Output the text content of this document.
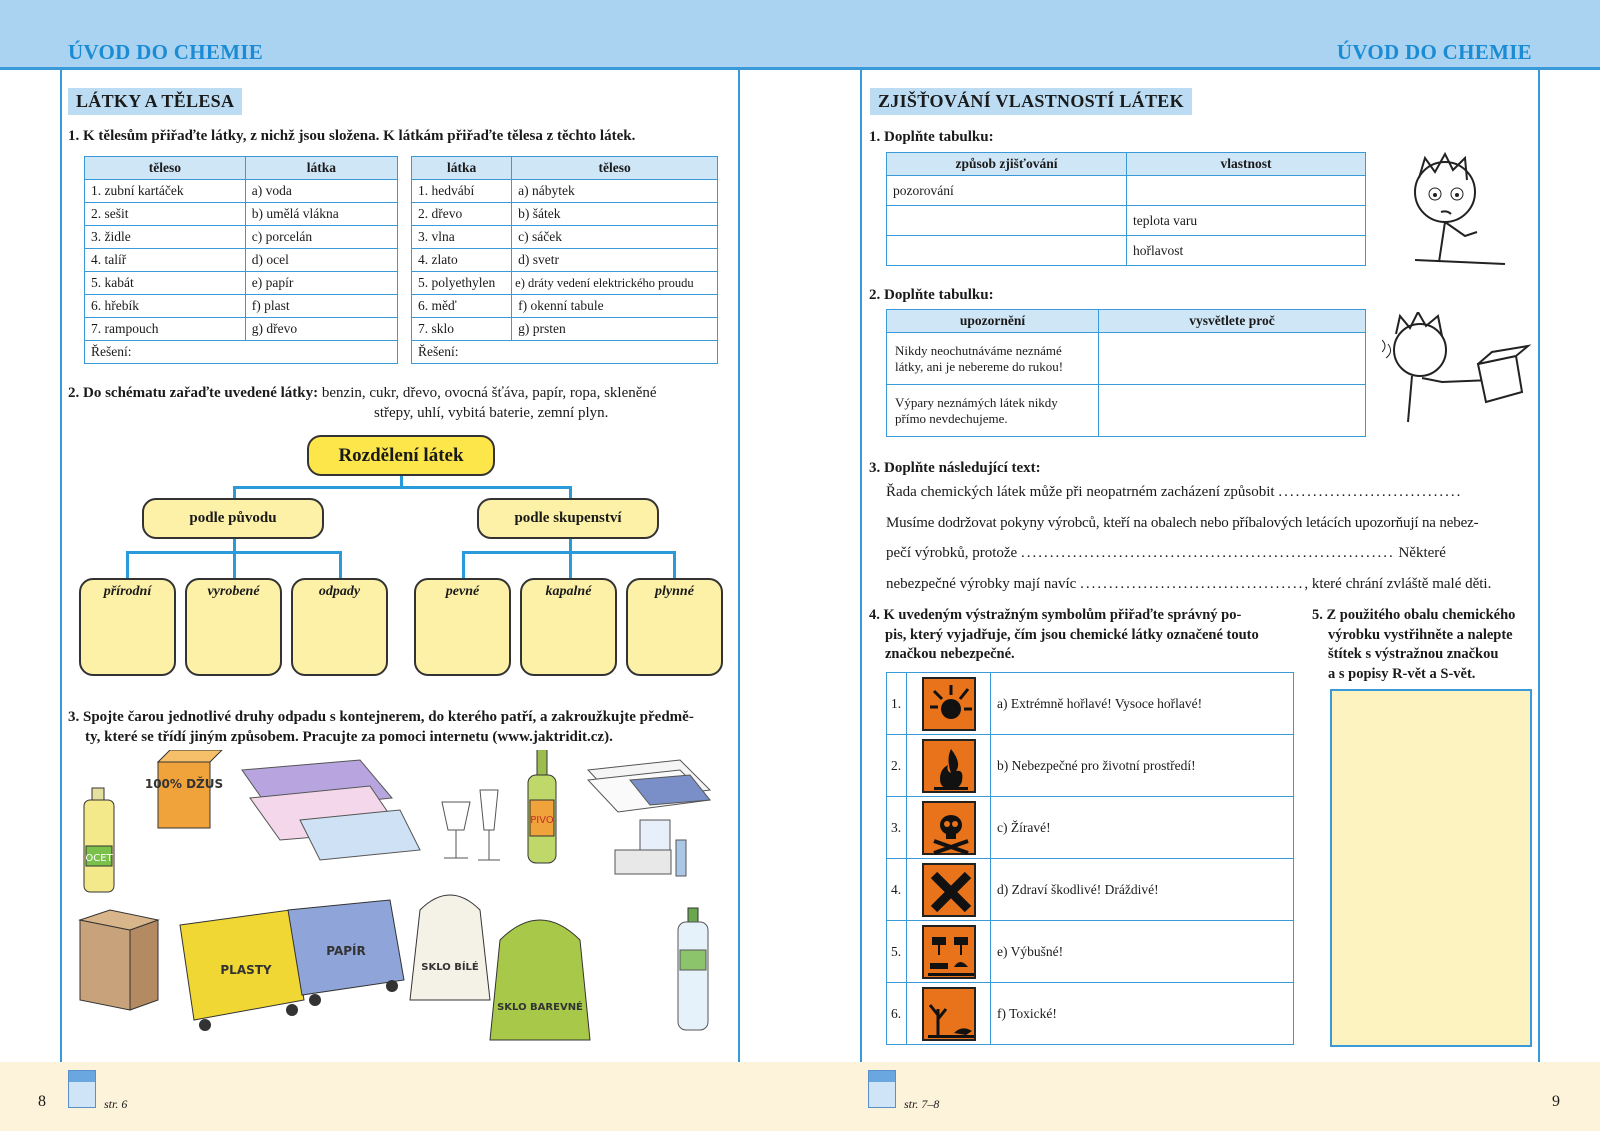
ÚVOD DO CHEMIE	ÚVOD DO CHEMIE
8	str. 6	str. 7–8	9
LÁTKY A TĚLESA
1. K tělesům přiřaďte látky, z nichž jsou složena. K látkám přiřaďte tělesa z těchto látek.
těleso	látka
1. zubní kartáček	a) voda
2. sešit	b) umělá vlákna
3. židle	c) porcelán
4. talíř	d) ocel
5. kabát	e) papír
6. hřebík	f) plast
7. rampouch	g) dřevo
Řešení:	
látka	těleso
1. hedvábí	a) nábytek
2. dřevo	b) šátek
3. vlna	c) sáček
4. zlato	d) svetr
5. polyethylen	e) dráty vedení elektrického proudu
6. měď	f) okenní tabule
7. sklo	g) prsten
Řešení:	
2. Do schématu zařaďte uvedené látky: benzin, cukr, dřevo, ovocná šťáva, papír, ropa, skleněné
střepy, uhlí, vybitá baterie, zemní plyn.
Rozdělení látek
podle původu	podle skupenství
přírodní	vyrobené	odpady	pevné	kapalné	plynné
3. Spojte čarou jednotlivé druhy odpadu s kontejnerem, do kterého patří, a zakroužkujte předmě-
ty, které se třídí jiným způsobem. Pracujte za pomoci internetu (www.jaktridit.cz).
100% DŽUS
OCET
PIVO
PLASTY
PAPÍR
SKLO BÍLÉ
SKLO BAREVNÉ
ZJIŠŤOVÁNÍ VLASTNOSTÍ LÁTEK
1. Doplňte tabulku:
způsob zjišťování	vlastnost
pozorování	
	teplota varu
	hořlavost
2. Doplňte tabulku:
upozornění	vysvětlete proč
Nikdy neochutnáváme neznámé látky, ani je nebereme do rukou!	
Výpary neznámých látek nikdy přímo nevdechujeme.	
3. Doplňte následující text:
Řada chemických látek může při neopatrném zacházení způsobit ................................
Musíme dodržovat pokyny výrobců, kteří na obalech nebo příbalových letácích upozorňují na nebez-
pečí výrobků, protože ................................................................. Některé
nebezpečné výrobky mají navíc ......................................., které chrání zvláště malé děti.
4. K uvedeným výstražným symbolům přiřaďte správný po-
pis, který vyjadřuje, čím jsou chemické látky označené touto
značkou nebezpečné.
1.		a) Extrémně hořlavé! Vysoce hořlavé!
2.		b) Nebezpečné pro životní prostředí!
3.		c) Žíravé!
4.		d) Zdraví škodlivé! Dráždivé!
5.		e) Výbušné!
6.		f) Toxické!
5. Z použitého obalu chemického
výrobku vystřihněte a nalepte
štítek s výstražnou značkou
a s popisy R-vět a S-vět.
